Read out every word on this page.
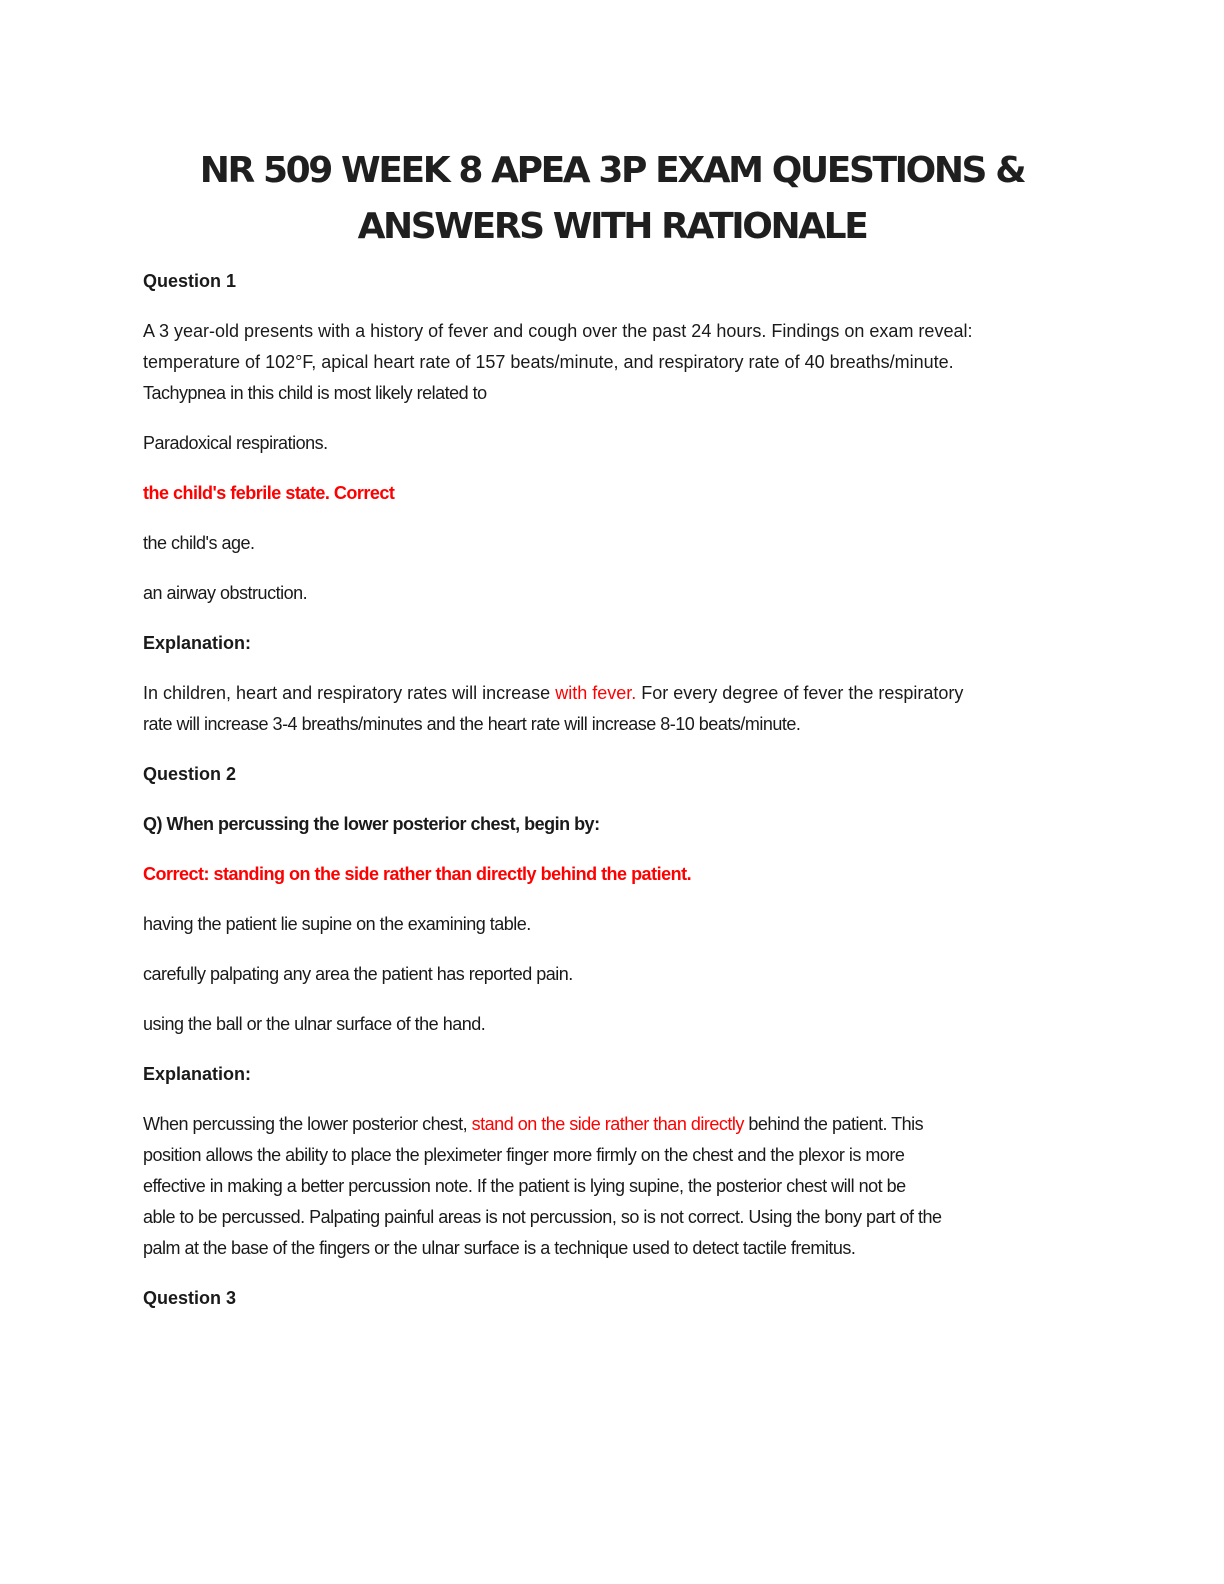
NR 509 WEEK 8 APEA 3P EXAM QUESTIONS &
ANSWERS WITH RATIONALE

Question 1

A 3 year-old presents with a history of fever and cough over the past 24 hours. Findings on exam reveal:

temperature of 102°F, apical heart rate of 157 beats/minute, and respiratory rate of 40 breaths/minute.

Tachypnea in this child is most likely related to

Paradoxical respirations.

the child's febrile state. Correct

the child's age.

an airway obstruction.

Explanation:

In children, heart and respiratory rates will increase with fever. For every degree of fever the respiratory

rate will increase 3-4 breaths/minutes and the heart rate will increase 8-10 beats/minute.

Question 2

Q) When percussing the lower posterior chest, begin by:

Correct: standing on the side rather than directly behind the patient.

having the patient lie supine on the examining table.

carefully palpating any area the patient has reported pain.

using the ball or the ulnar surface of the hand.

Explanation:

When percussing the lower posterior chest, stand on the side rather than directly behind the patient. This

position allows the ability to place the pleximeter finger more firmly on the chest and the plexor is more

effective in making a better percussion note. If the patient is lying supine, the posterior chest will not be

able to be percussed. Palpating painful areas is not percussion, so is not correct. Using the bony part of the

palm at the base of the fingers or the ulnar surface is a technique used to detect tactile fremitus.

Question 3
